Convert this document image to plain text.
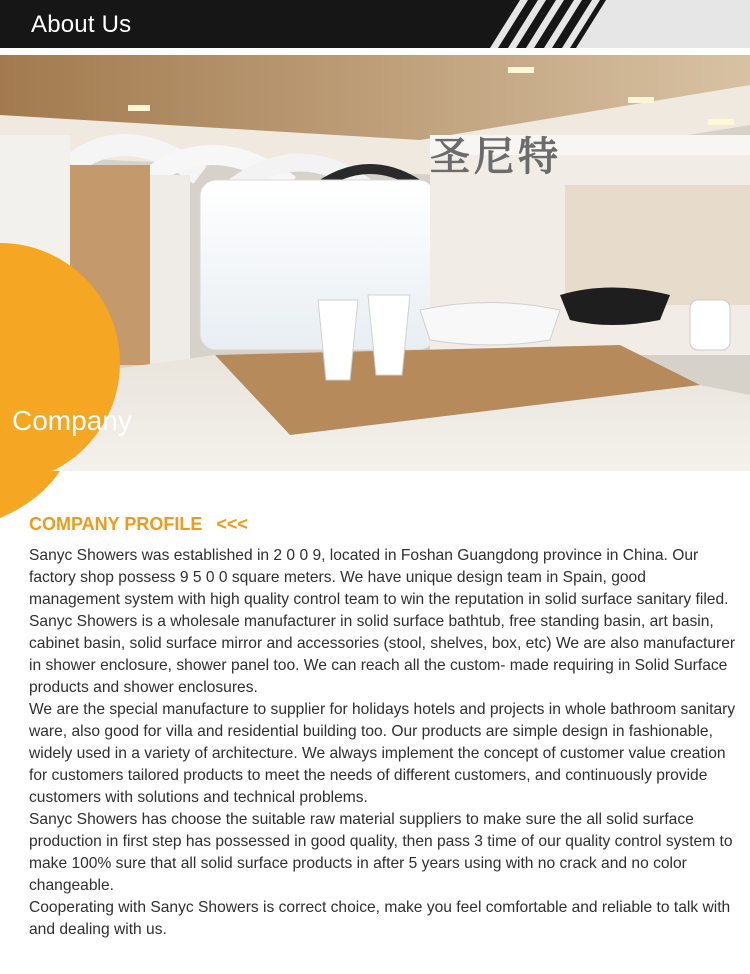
About Us
圣尼特
Company
COMPANY PROFILE <<<

Sanyc Showers was established in 2 0 0 9, located in Foshan Guangdong province in China. Our factory shop possess 9 5 0 0 square meters. We have unique design team in Spain, good management system with high quality control team to win the reputation in solid surface sanitary filed.

Sanyc Showers is a wholesale manufacturer in solid surface bathtub, free standing basin, art basin, cabinet basin, solid surface mirror and accessories (stool, shelves, box, etc) We are also manufacturer in shower enclosure, shower panel too. We can reach all the custom- made requiring in Solid Surface products and shower enclosures.

We are the special manufacture to supplier for holidays hotels and projects in whole bathroom sanitary ware, also good for villa and residential building too. Our products are simple design in fashionable, widely used in a variety of architecture. We always implement the concept of customer value creation for customers tailored products to meet the needs of different customers, and continuously provide customers with solutions and technical problems.

Sanyc Showers has choose the suitable raw material suppliers to make sure the all solid surface production in first step has possessed in good quality, then pass 3 time of our quality control system to make 100% sure that all solid surface products in after 5 years using with no crack and no color changeable.

Cooperating with Sanyc Showers is correct choice, make you feel comfortable and reliable to talk with and dealing with us.
